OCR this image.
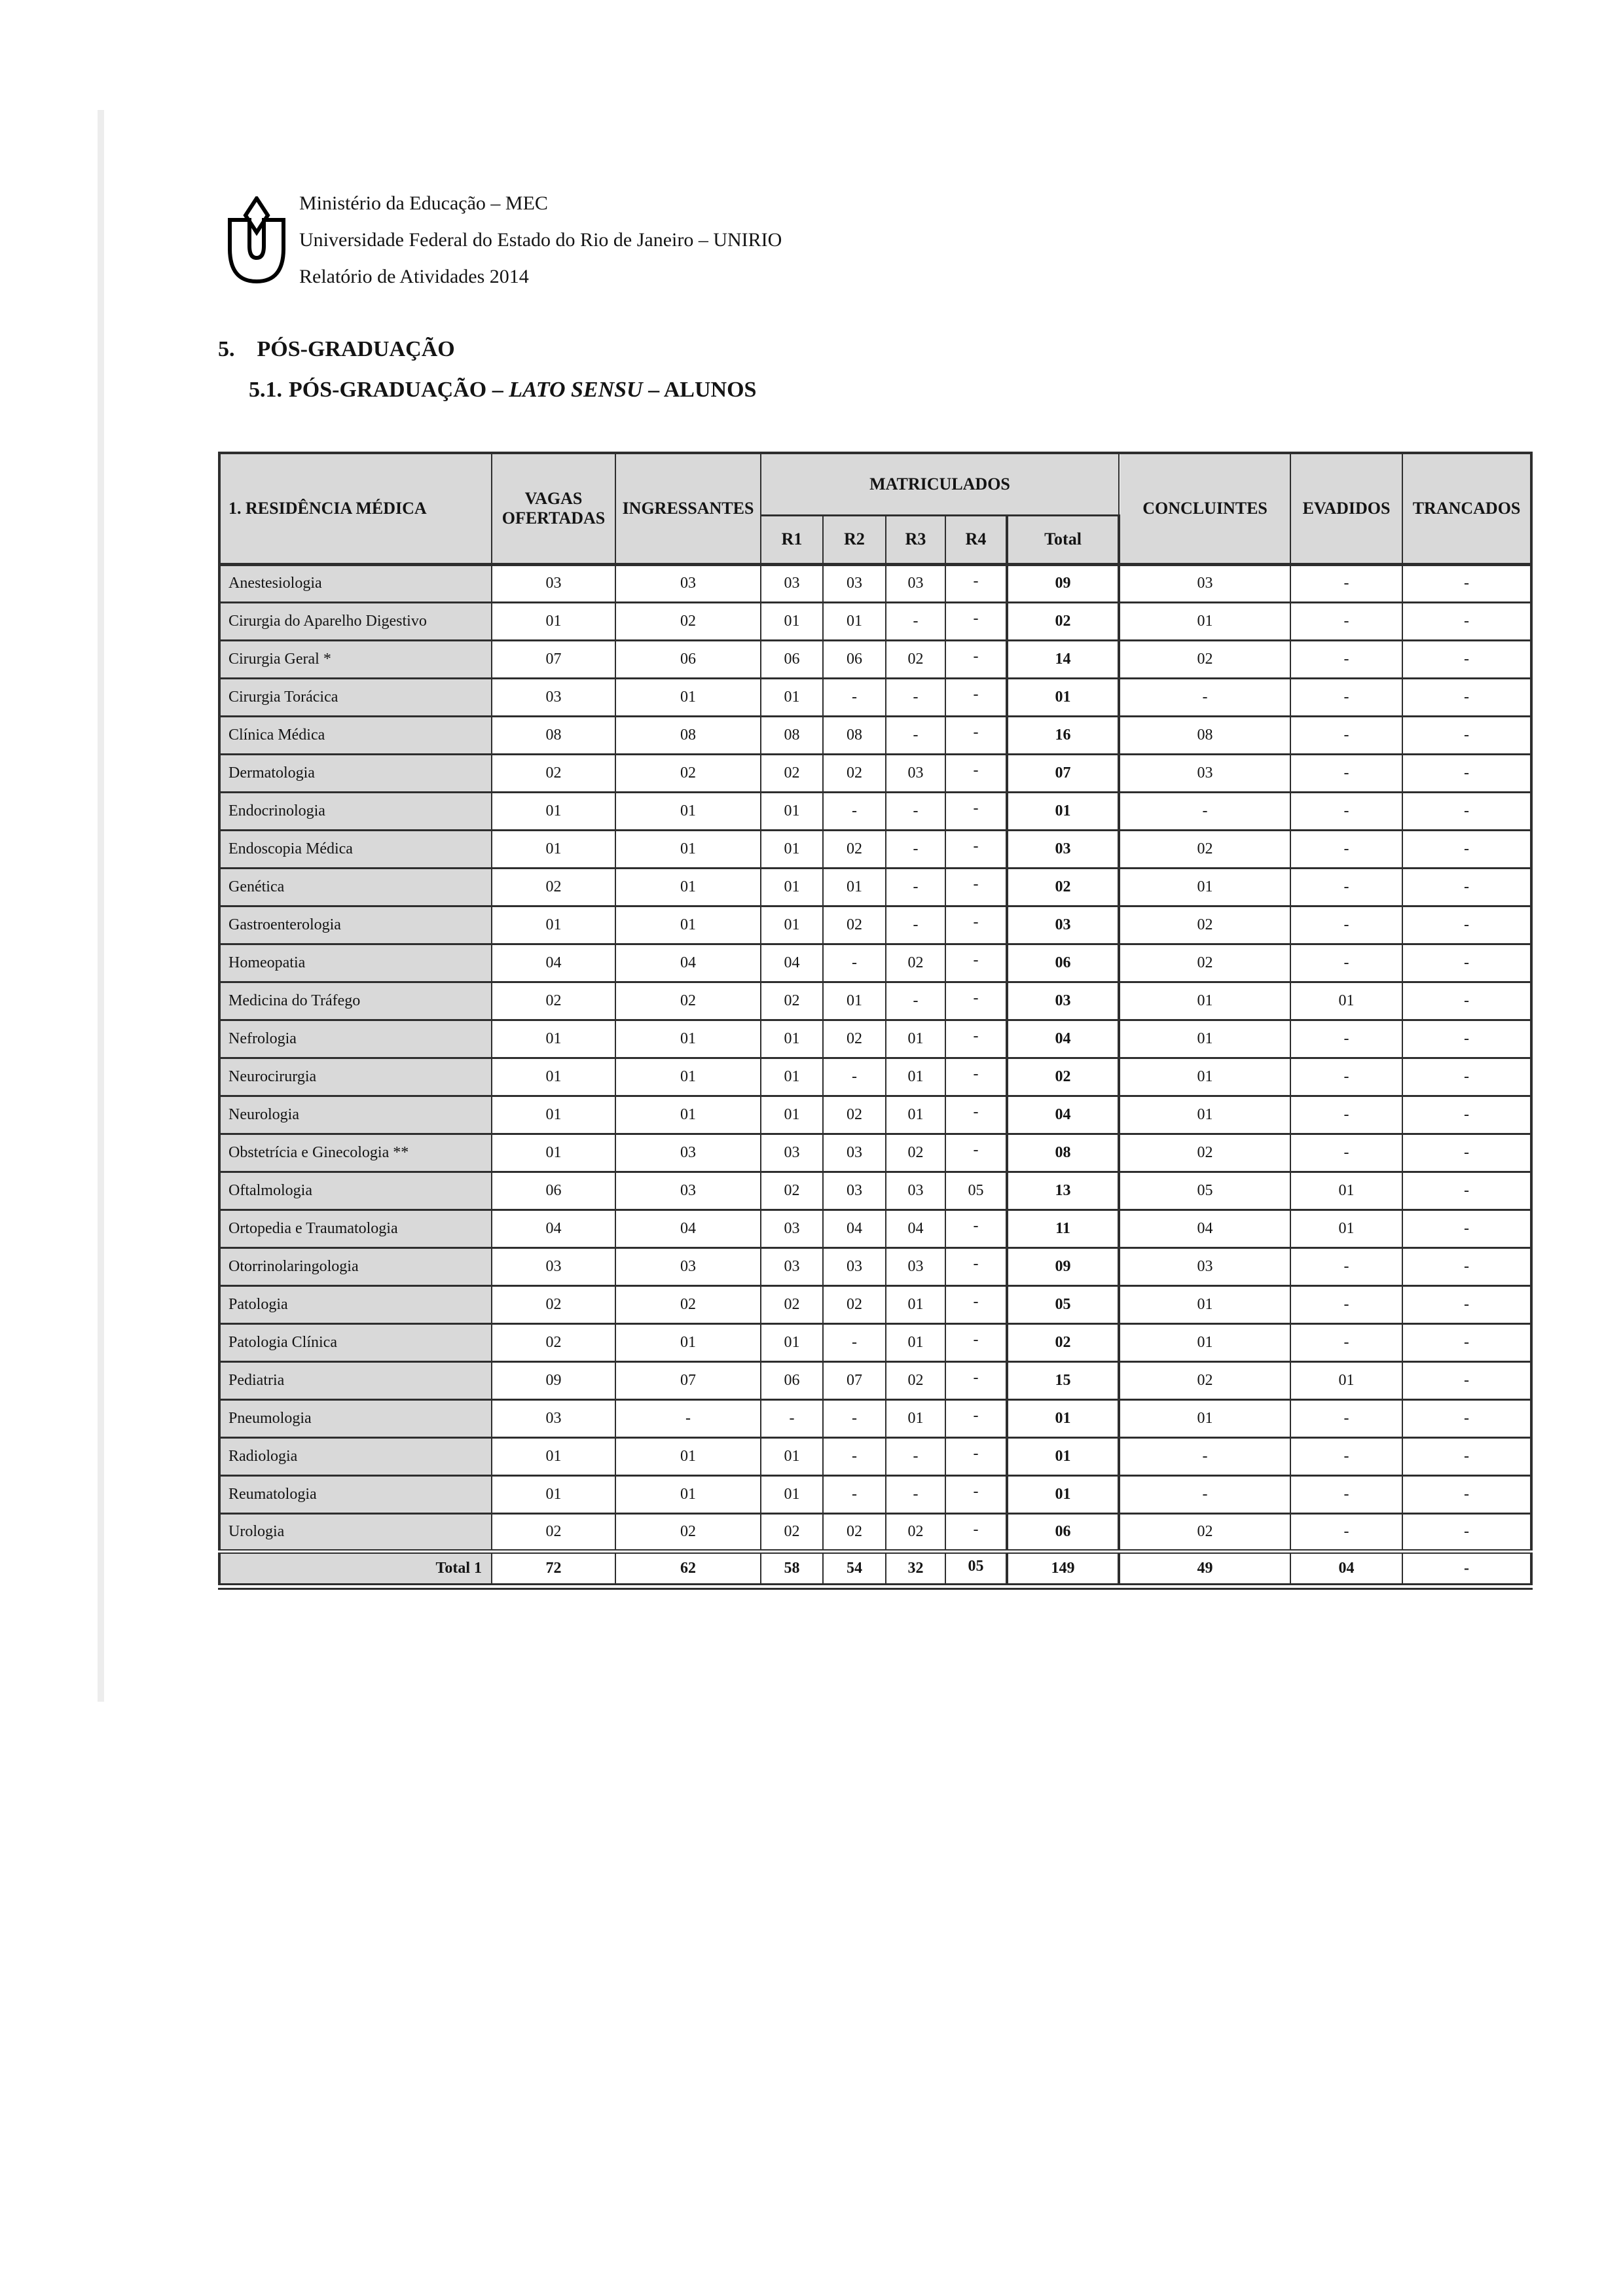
Ministério da Educação – MEC
Universidade Federal do Estado do Rio de Janeiro – UNIRIO
Relatório de Atividades 2014
5. PÓS-GRADUAÇÃO
5.1. PÓS-GRADUAÇÃO – LATO SENSU – ALUNOS
1. RESIDÊNCIA MÉDICA	VAGAS OFERTADAS	INGRESSANTES	MATRICULADOS					CONCLUINTES	EVADIDOS	TRANCADOS
			R1	R2	R3	R4	Total			
Anestesiologia	03	03	03	03	03	-	09	03	-	-
Cirurgia do Aparelho Digestivo	01	02	01	01	-	-	02	01	-	-
Cirurgia Geral *	07	06	06	06	02	-	14	02	-	-
Cirurgia Torácica	03	01	01	-	-	-	01	-	-	-
Clínica Médica	08	08	08	08	-	-	16	08	-	-
Dermatologia	02	02	02	02	03	-	07	03	-	-
Endocrinologia	01	01	01	-	-	-	01	-	-	-
Endoscopia Médica	01	01	01	02	-	-	03	02	-	-
Genética	02	01	01	01	-	-	02	01	-	-
Gastroenterologia	01	01	01	02	-	-	03	02	-	-
Homeopatia	04	04	04	-	02	-	06	02	-	-
Medicina do Tráfego	02	02	02	01	-	-	03	01	01	-
Nefrologia	01	01	01	02	01	-	04	01	-	-
Neurocirurgia	01	01	01	-	01	-	02	01	-	-
Neurologia	01	01	01	02	01	-	04	01	-	-
Obstetrícia e Ginecologia **	01	03	03	03	02	-	08	02	-	-
Oftalmologia	06	03	02	03	03	05	13	05	01	-
Ortopedia e Traumatologia	04	04	03	04	04	-	11	04	01	-
Otorrinolaringologia	03	03	03	03	03	-	09	03	-	-
Patologia	02	02	02	02	01	-	05	01	-	-
Patologia Clínica	02	01	01	-	01	-	02	01	-	-
Pediatria	09	07	06	07	02	-	15	02	01	-
Pneumologia	03	-	-	-	01	-	01	01	-	-
Radiologia	01	01	01	-	-	-	01	-	-	-
Reumatologia	01	01	01	-	-	-	01	-	-	-
Urologia	02	02	02	02	02	-	06	02	-	-
Total 1	72	62	58	54	32	05	149	49	04	-
